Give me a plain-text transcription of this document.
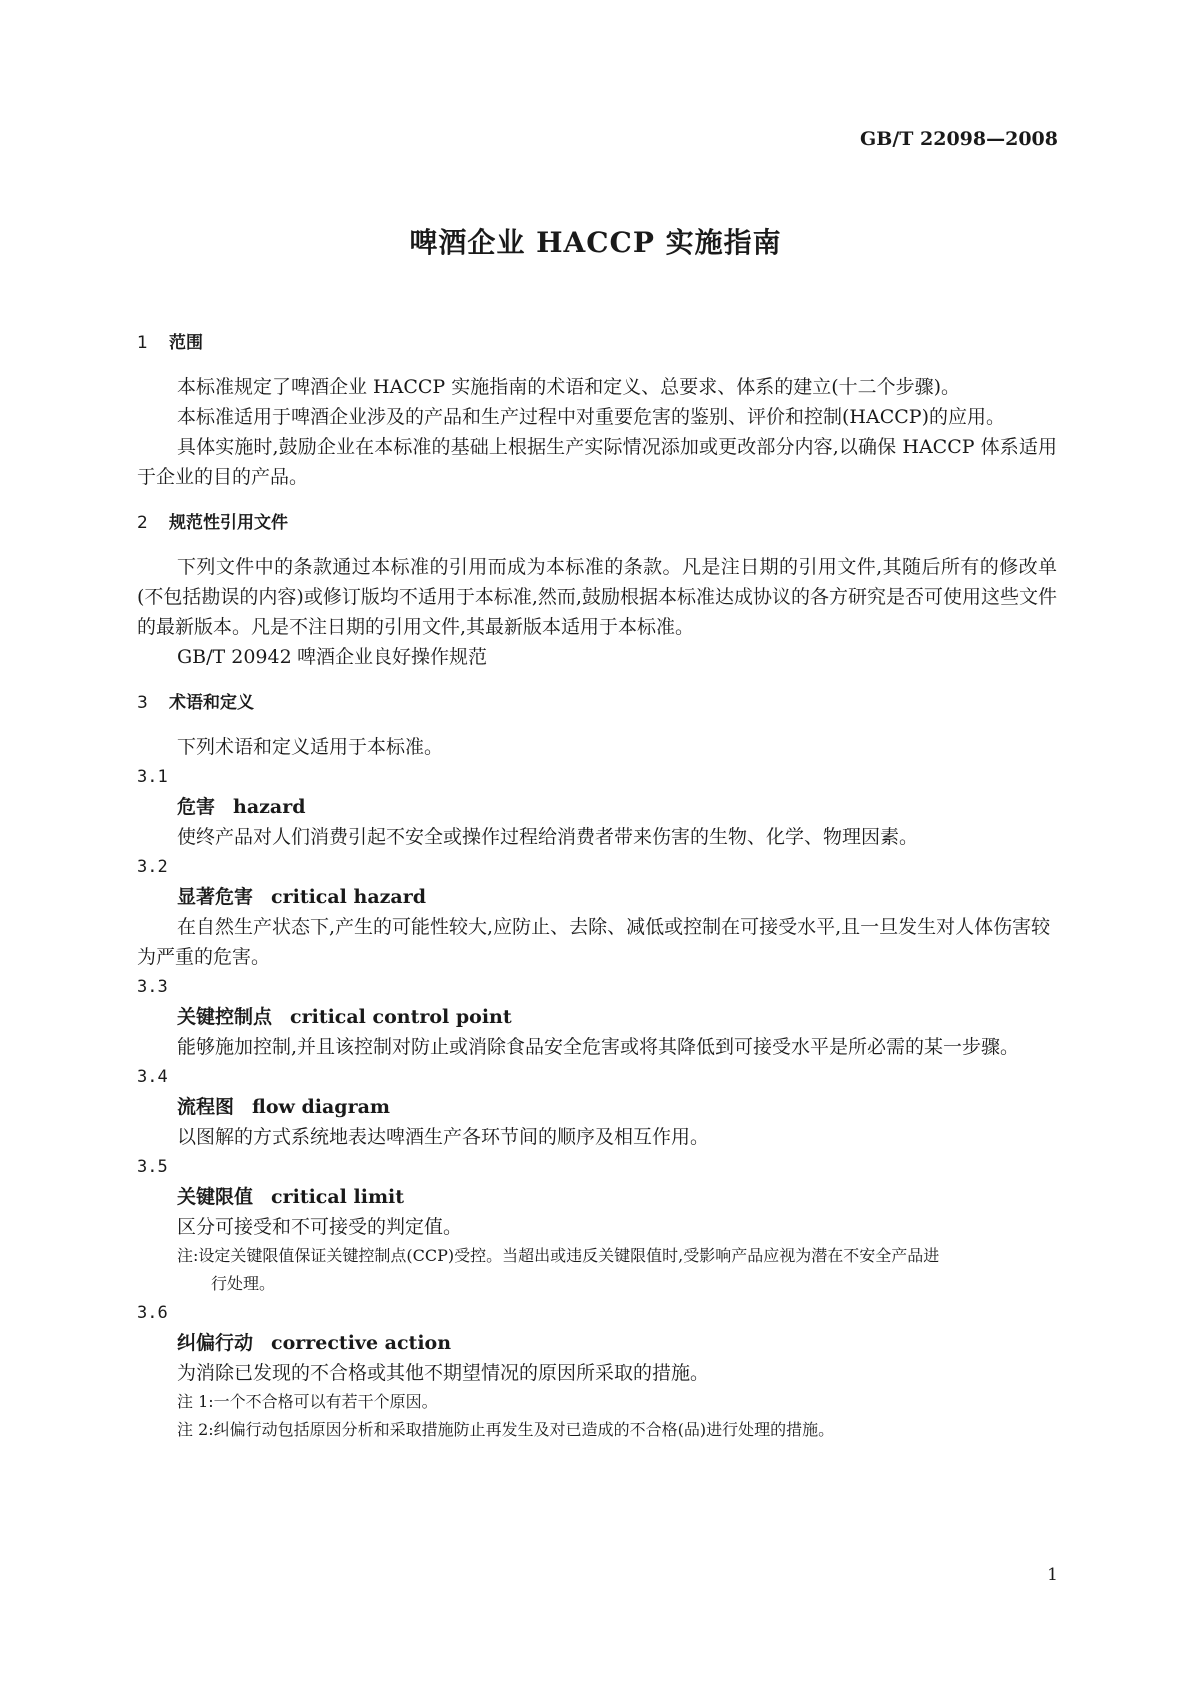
GB/T 22098—2008
啤酒企业 HACCP 实施指南
1	范围

本标准规定了啤酒企业 HACCP 实施指南的术语和定义、总要求、体系的建立(十二个步骤)。

本标准适用于啤酒企业涉及的产品和生产过程中对重要危害的鉴别、评价和控制(HACCP)的应用。

具体实施时,鼓励企业在本标准的基础上根据生产实际情况添加或更改部分内容,以确保 HACCP 体系适用于企业的目的产品。

2	规范性引用文件

下列文件中的条款通过本标准的引用而成为本标准的条款。凡是注日期的引用文件,其随后所有的修改单(不包括勘误的内容)或修订版均不适用于本标准,然而,鼓励根据本标准达成协议的各方研究是否可使用这些文件的最新版本。凡是不注日期的引用文件,其最新版本适用于本标准。

GB/T 20942 啤酒企业良好操作规范

3	术语和定义

下列术语和定义适用于本标准。

3.1

危害 hazard

使终产品对人们消费引起不安全或操作过程给消费者带来伤害的生物、化学、物理因素。

3.2

显著危害 critical hazard

在自然生产状态下,产生的可能性较大,应防止、去除、减低或控制在可接受水平,且一旦发生对人体伤害较为严重的危害。

3.3

关键控制点 critical control point

能够施加控制,并且该控制对防止或消除食品安全危害或将其降低到可接受水平是所必需的某一步骤。

3.4

流程图 flow diagram

以图解的方式系统地表达啤酒生产各环节间的顺序及相互作用。

3.5

关键限值 critical limit

区分可接受和不可接受的判定值。

注:设定关键限值保证关键控制点(CCP)受控。当超出或违反关键限值时,受影响产品应视为潜在不安全产品进
行处理。

3.6

纠偏行动 corrective action

为消除已发现的不合格或其他不期望情况的原因所采取的措施。

注 1:一个不合格可以有若干个原因。

注 2:纠偏行动包括原因分析和采取措施防止再发生及对已造成的不合格(品)进行处理的措施。

1
